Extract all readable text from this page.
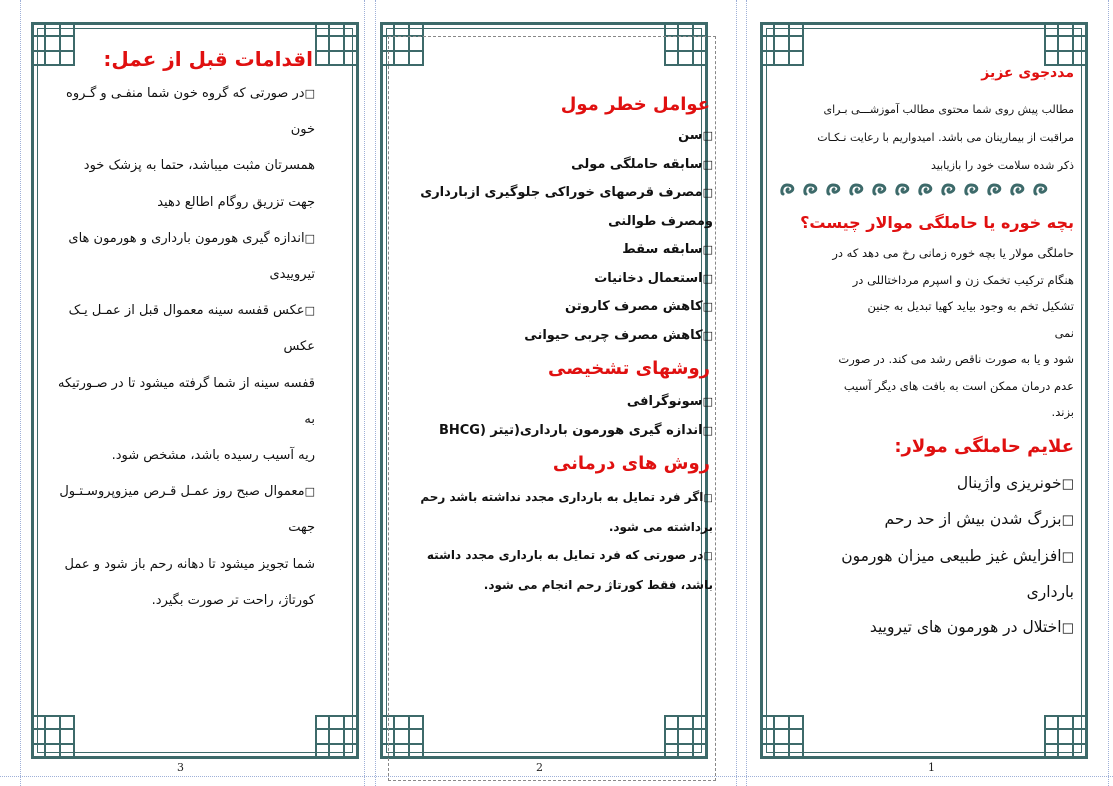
اقدامات قبل از عمل:

□در صورتی که گروه خون شما منفـی و گـروه
خون
همسرتان مثبت میباشد، حتما به پزشک خود
جهت تزریق روگام اطالع دهید
□اندازه گیری هورمون بارداری و هورمون های
تیروییدی
□عکس قفسه سینه معموال قبل از عمـل یـک
عکس
قفسه سینه از شما گرفته میشود تا در صـورتیکه
به
ریه آسیب رسیده باشد، مشخص شود.
□معموال صبح روز عمـل قـرص میزوپروسـتـول
جهت
شما تجویز میشود تا دهانه رحم باز شود و عمل
کورتاژ، راحت تر صورت بگیرد.
3

عوامل خطر مول

□سن
□سابقه حاملگی مولی
□مصرف قرصهای خوراکی جلوگیری ازبارداری
ومصرف طوالنی
□سابقه سقط
□استعمال دخانیات
□کاهش مصرف کاروتن
□کاهش مصرف چربی حیوانی

روشهای تشخیصی

□سونوگرافی
□اندازه گیری هورمون بارداری(تیتر (BHCG

روش های درمانی

□اگر فرد تمایل به بارداری مجدد نداشته باشد رحم
برداشته می شود.
□در صورتی که فرد تمایل به بارداری مجدد داشته
باشد، فقط کورتاژ رحم انجام می شود.
2

مددجوی عزیز

مطالب پیش روی شما محتوی مطالب آموزشـــی بـرای
مراقبت از بیمارینان می باشد. امیدواریم با رعایت نـکـات
ذکر شده سلامت خود را بازیابید

بچه خوره یا حاملگی موالار چیست؟

حاملگی مولار یا بچه خوره زمانی رخ می دهد که در
هنگام ترکیب تخمک زن و اسپرم مرداختاللی در
تشکیل تخم به وجود بیاید کهیا تبدیل به جنین
نمی
شود و یا به صورت ناقص رشد می کند. در صورت
عدم درمان ممکن است به بافت های دیگر آسیب
بزند.

علایم حاملگی مولار:

□خونریزی واژینال
□بزرگ شدن بیش از حد رحم
□افزایش غیز طبیعی میزان هورمون
بارداری
□اختلال در هورمون های تیرویید
1
